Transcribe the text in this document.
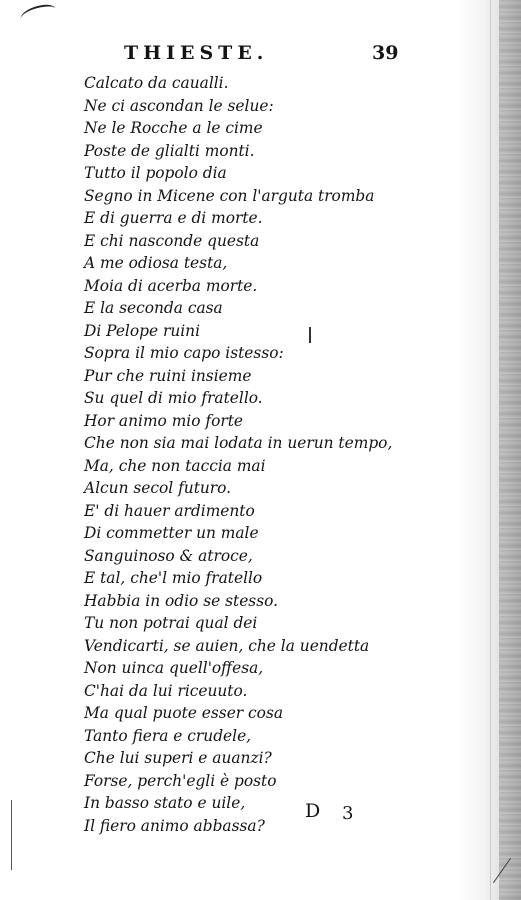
THIESTE.	39
Calcato da caualli.
Ne ci ascondan le selue:
Ne le Rocche a le cime
Poste de glialti monti.
Tutto il popolo dia
Segno in Micene con l'arguta tromba
E di guerra e di morte.
E chi nasconde questa
A me odiosa testa,
Moia di acerba morte.
E la seconda casa
Di Pelope ruini
Sopra il mio capo istesso:
Pur che ruini insieme
Su quel di mio fratello.
Hor animo mio forte
Che non sia mai lodata in uerun tempo,
Ma, che non taccia mai
Alcun secol futuro.
E' di hauer ardimento
Di commetter un male
Sanguinoso & atroce,
E tal, che'l mio fratello
Habbia in odio se stesso.
Tu non potrai qual dei
Vendicarti, se auien, che la uendetta
Non uinca quell'offesa,
C'hai da lui riceuuto.
Ma qual puote esser cosa
Tanto fiera e crudele,
Che lui superi e auanzi?
Forse, perch'egli è posto
In basso stato e uile,
Il fiero animo abbassa?
D 3
